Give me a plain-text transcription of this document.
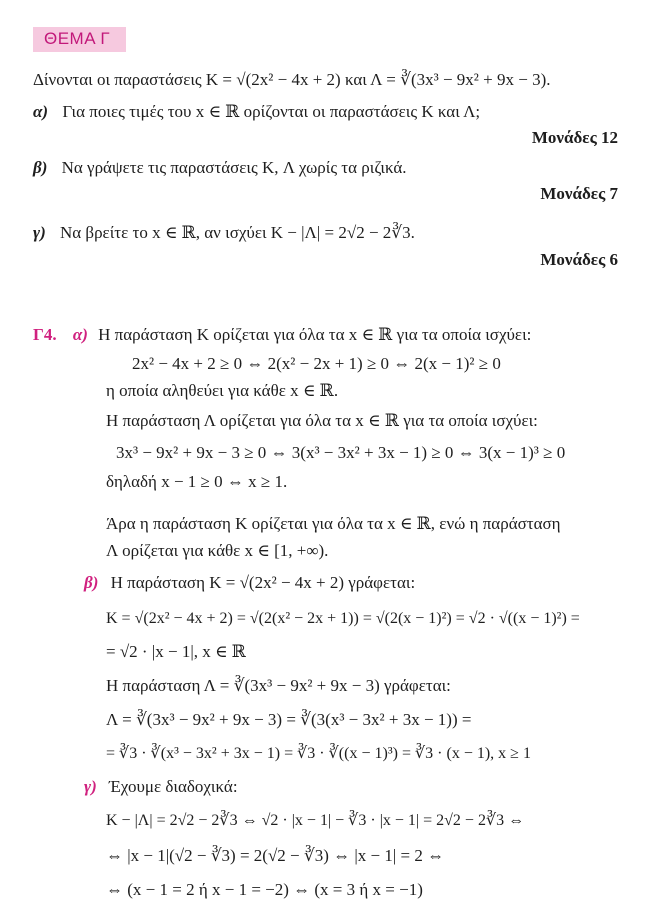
ΘΕΜΑ Γ
Δίνονται οι παραστάσεις K = √(2x² − 4x + 2) και Λ = ∛(3x³ − 9x² + 9x − 3).
α) Για ποιες τιμές του x ∈ ℝ ορίζονται οι παραστάσεις K και Λ;
Μονάδες 12
β) Να γράψετε τις παραστάσεις K, Λ χωρίς τα ριζικά.
Μονάδες 7
γ) Να βρείτε το x ∈ ℝ, αν ισχύει K − |Λ| = 2√2 − 2∛3.
Μονάδες 6
Γ4. α) Η παράσταση K ορίζεται για όλα τα x ∈ ℝ για τα οποία ισχύει:
2x² − 4x + 2 ≥ 0 ⇔ 2(x² − 2x + 1) ≥ 0 ⇔ 2(x − 1)² ≥ 0
η οποία αληθεύει για κάθε x ∈ ℝ.
Η παράσταση Λ ορίζεται για όλα τα x ∈ ℝ για τα οποία ισχύει:
3x³ − 9x² + 9x − 3 ≥ 0 ⇔ 3(x³ − 3x² + 3x − 1) ≥ 0 ⇔ 3(x − 1)³ ≥ 0
δηλαδή x − 1 ≥ 0 ⇔ x ≥ 1.
Άρα η παράσταση K ορίζεται για όλα τα x ∈ ℝ, ενώ η παράσταση
Λ ορίζεται για κάθε x ∈ [1, +∞).
β) Η παράσταση K = √(2x² − 4x + 2) γράφεται:
K = √(2x² − 4x + 2) = √(2(x² − 2x + 1)) = √(2(x − 1)²) = √2 · √((x − 1)²) =
= √2 · |x − 1|, x ∈ ℝ
Η παράσταση Λ = ∛(3x³ − 9x² + 9x − 3) γράφεται:
Λ = ∛(3x³ − 9x² + 9x − 3) = ∛(3(x³ − 3x² + 3x − 1)) =
= ∛3 · ∛(x³ − 3x² + 3x − 1) = ∛3 · ∛((x − 1)³) = ∛3 · (x − 1), x ≥ 1
γ) Έχουμε διαδοχικά:
K − |Λ| = 2√2 − 2∛3 ⇔ √2 · |x − 1| − ∛3 · |x − 1| = 2√2 − 2∛3 ⇔
⇔ |x − 1|(√2 − ∛3) = 2(√2 − ∛3) ⇔ |x − 1| = 2 ⇔
⇔ (x − 1 = 2 ή x − 1 = −2) ⇔ (x = 3 ή x = −1)
